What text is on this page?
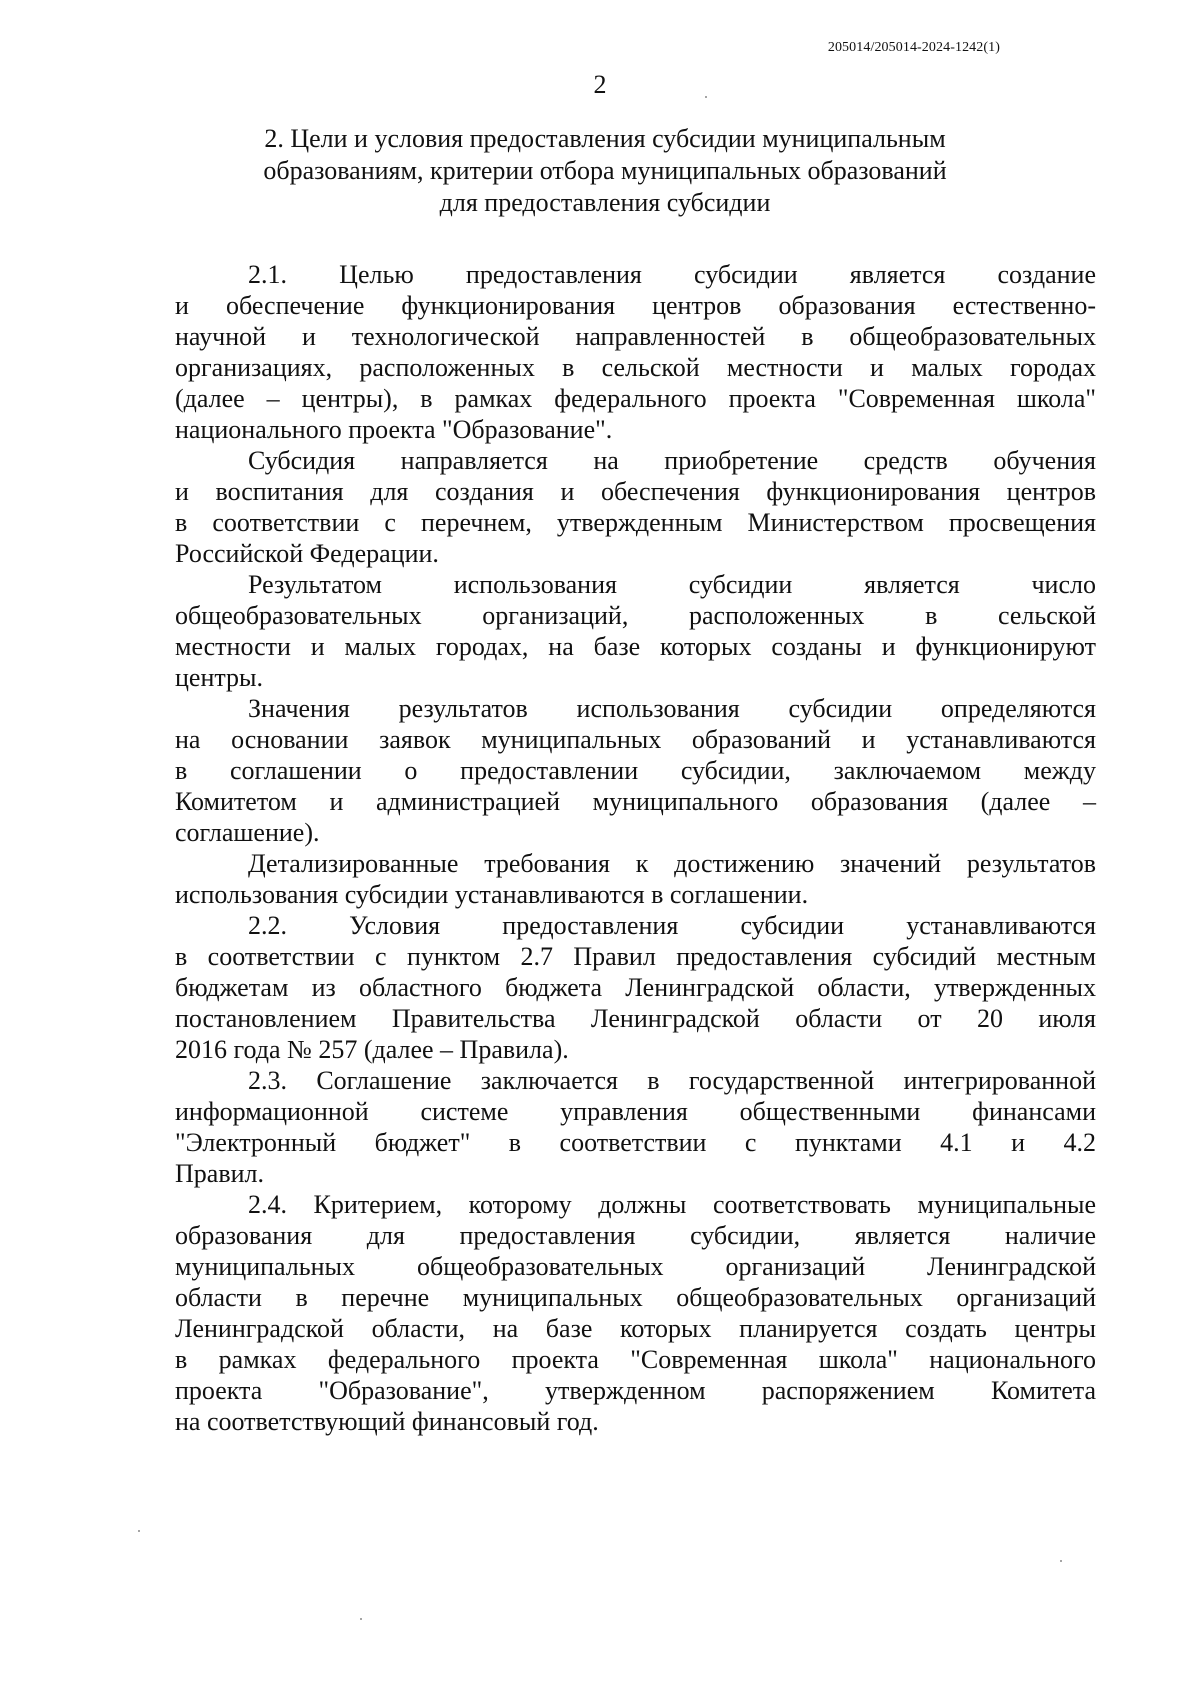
205014/205014-2024-1242(1)
2
2. Цели и условия предоставления субсидии муниципальным
образованиям, критерии отбора муниципальных образований
для предоставления субсидии

2.1. Целью предоставления субсидии является создание
и обеспечение функционирования центров образования естественно-
научной и технологической направленностей в общеобразовательных
организациях, расположенных в сельской местности и малых городах
(далее – центры), в рамках федерального проекта "Современная школа"
национального проекта "Образование".

Субсидия направляется на приобретение средств обучения
и воспитания для создания и обеспечения функционирования центров
в соответствии с перечнем, утвержденным Министерством просвещения
Российской Федерации.

Результатом использования субсидии является число
общеобразовательных организаций, расположенных в сельской
местности и малых городах, на базе которых созданы и функционируют
центры.

Значения результатов использования субсидии определяются
на основании заявок муниципальных образований и устанавливаются
в соглашении о предоставлении субсидии, заключаемом между
Комитетом и администрацией муниципального образования (далее –
соглашение).

Детализированные требования к достижению значений результатов
использования субсидии устанавливаются в соглашении.

2.2. Условия предоставления субсидии устанавливаются
в соответствии с пунктом 2.7 Правил предоставления субсидий местным
бюджетам из областного бюджета Ленинградской области, утвержденных
постановлением Правительства Ленинградской области от 20 июля
2016 года № 257 (далее – Правила).

2.3. Соглашение заключается в государственной интегрированной
информационной системе управления общественными финансами
"Электронный бюджет" в соответствии с пунктами 4.1 и 4.2
Правил.

2.4. Критерием, которому должны соответствовать муниципальные
образования для предоставления субсидии, является наличие
муниципальных общеобразовательных организаций Ленинградской
области в перечне муниципальных общеобразовательных организаций
Ленинградской области, на базе которых планируется создать центры
в рамках федерального проекта "Современная школа" национального
проекта "Образование", утвержденном распоряжением Комитета
на соответствующий финансовый год.
